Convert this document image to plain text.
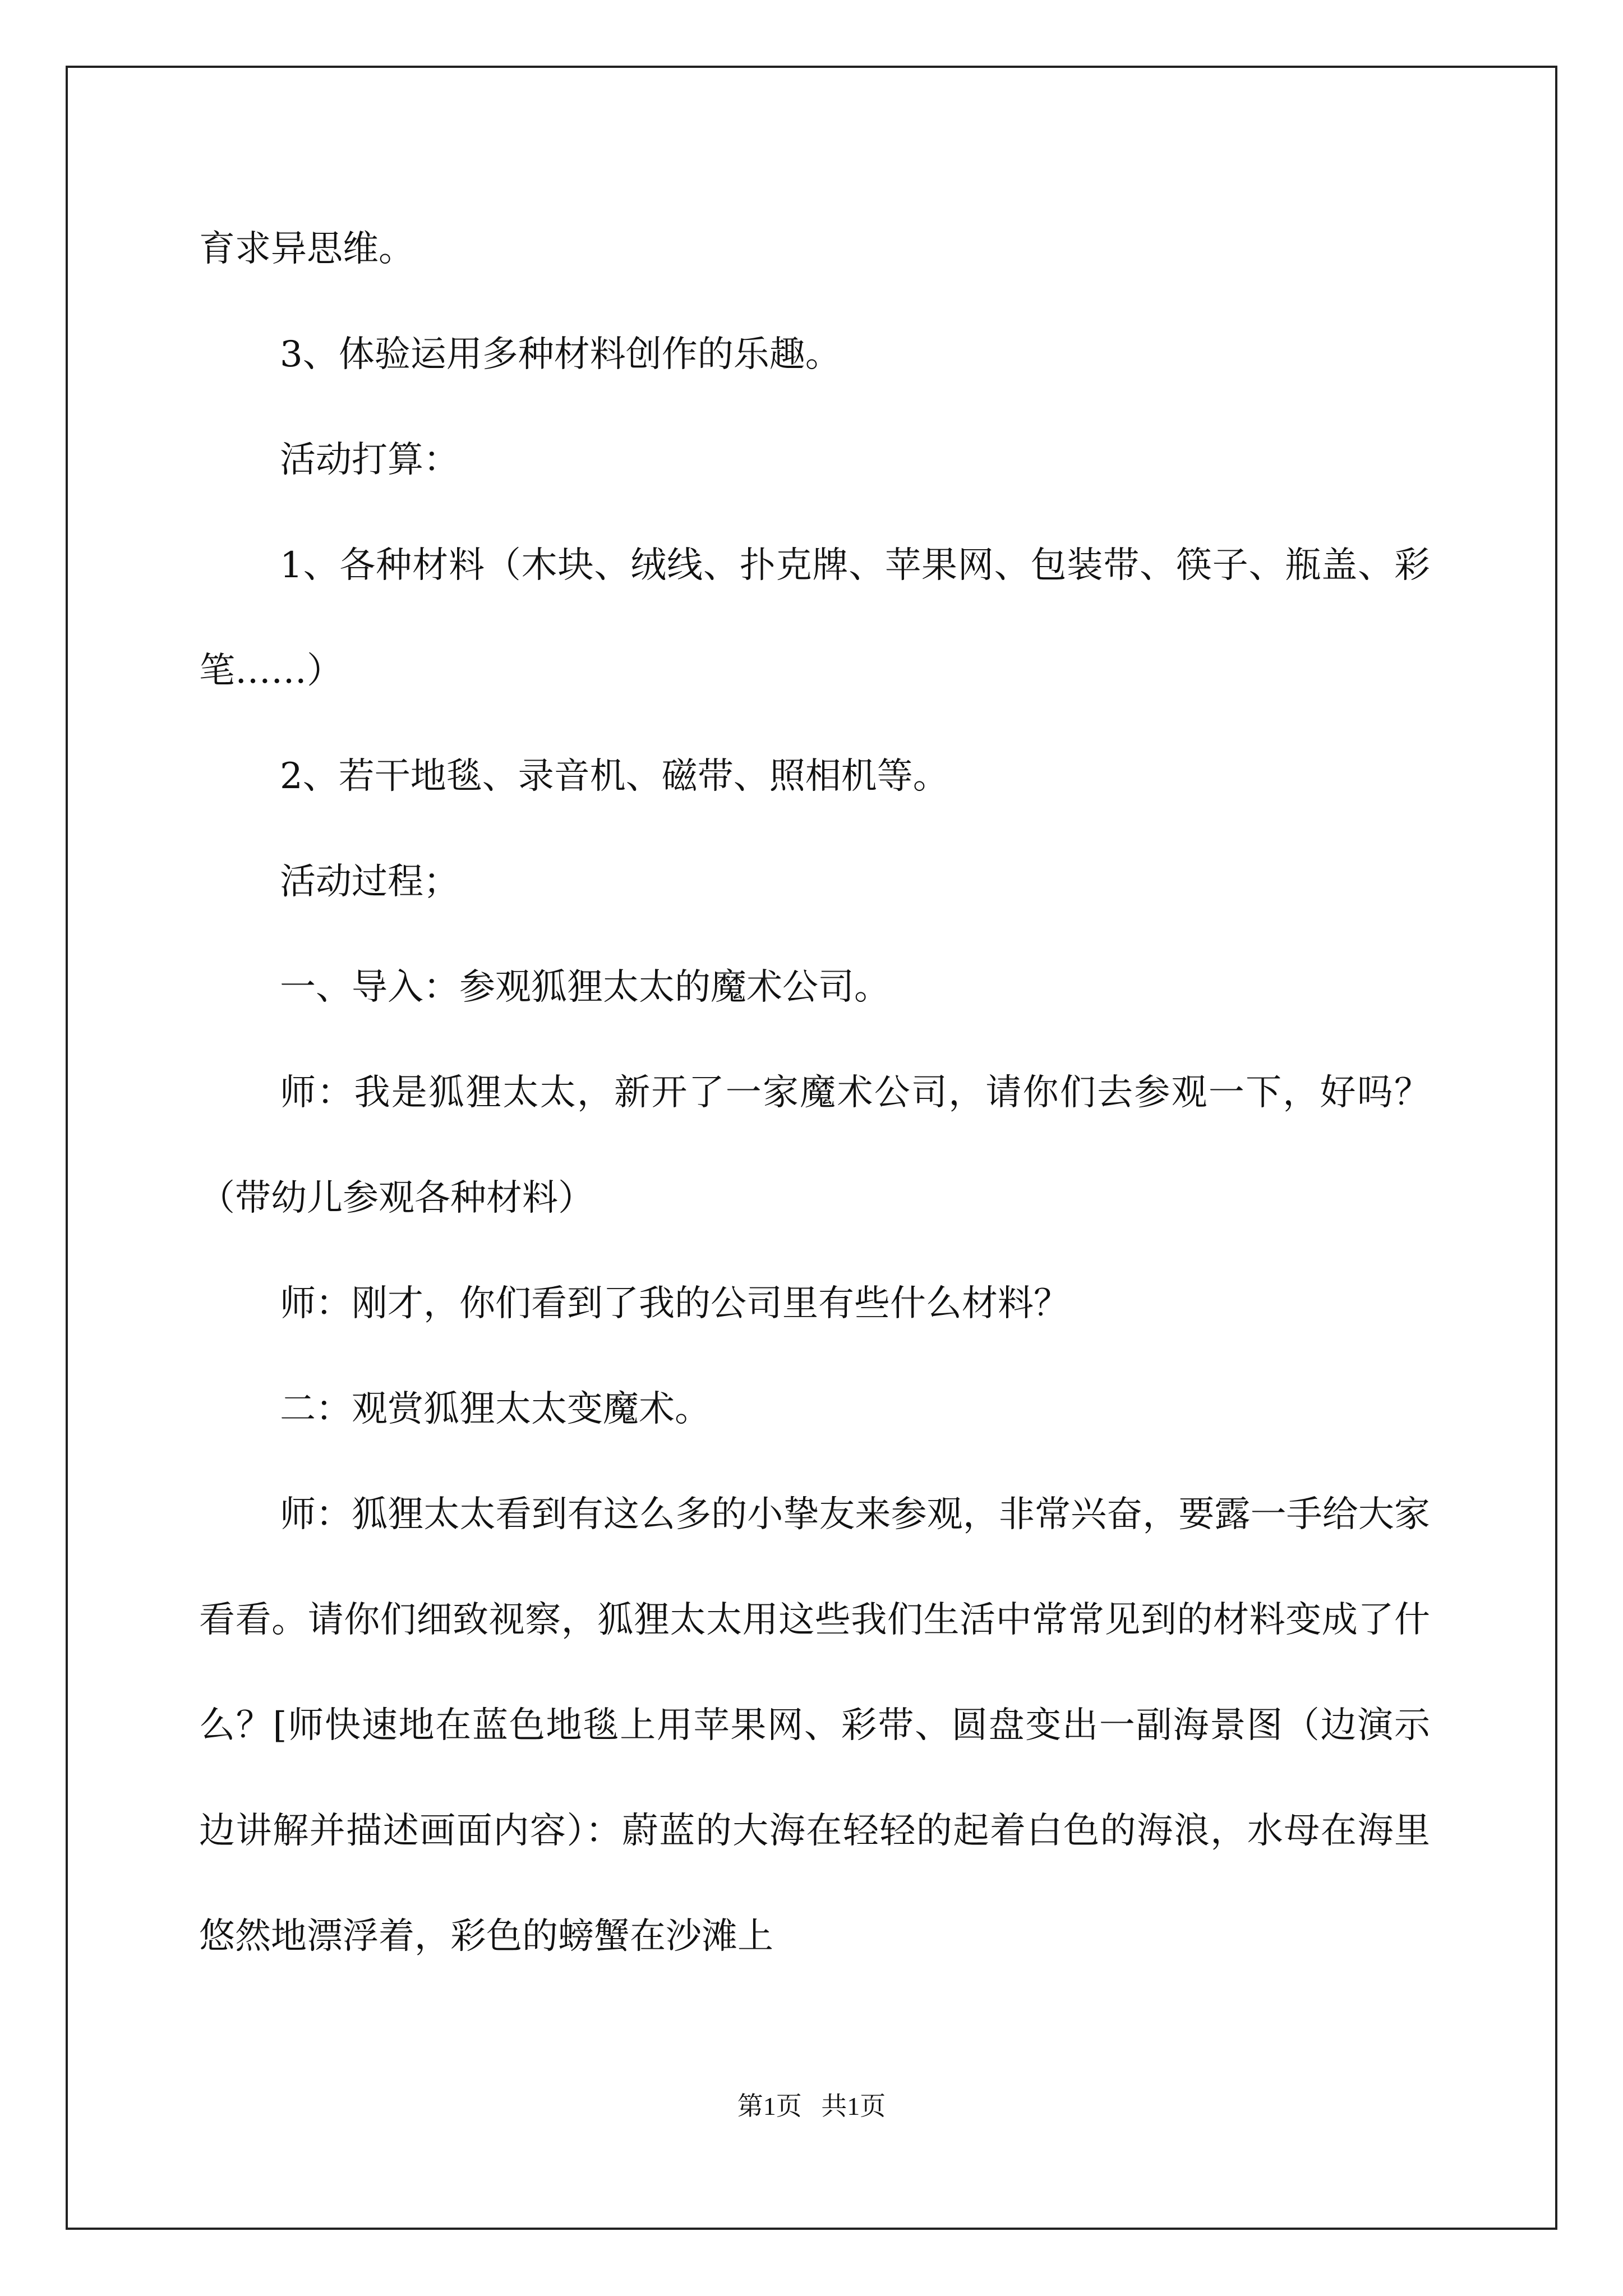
育求异思维。

3、体验运用多种材料创作的乐趣。

活动打算：

1、各种材料（木块、绒线、扑克牌、苹果网、包装带、筷子、瓶盖、彩笔……）

2、若干地毯、录音机、磁带、照相机等。

活动过程；

一、导入：参观狐狸太太的魔术公司。

师：我是狐狸太太，新开了一家魔术公司，请你们去参观一下，好吗？（带幼儿参观各种材料）

师：刚才，你们看到了我的公司里有些什么材料？

二：观赏狐狸太太变魔术。

师：狐狸太太看到有这么多的小挚友来参观，非常兴奋，要露一手给大家看看。请你们细致视察，狐狸太太用这些我们生活中常常见到的材料变成了什么？[师快速地在蓝色地毯上用苹果网、彩带、圆盘变出一副海景图（边演示边讲解并描述画面内容）：蔚蓝的大海在轻轻的起着白色的海浪，水母在海里悠然地漂浮着，彩色的螃蟹在沙滩上

第1页   共1页
